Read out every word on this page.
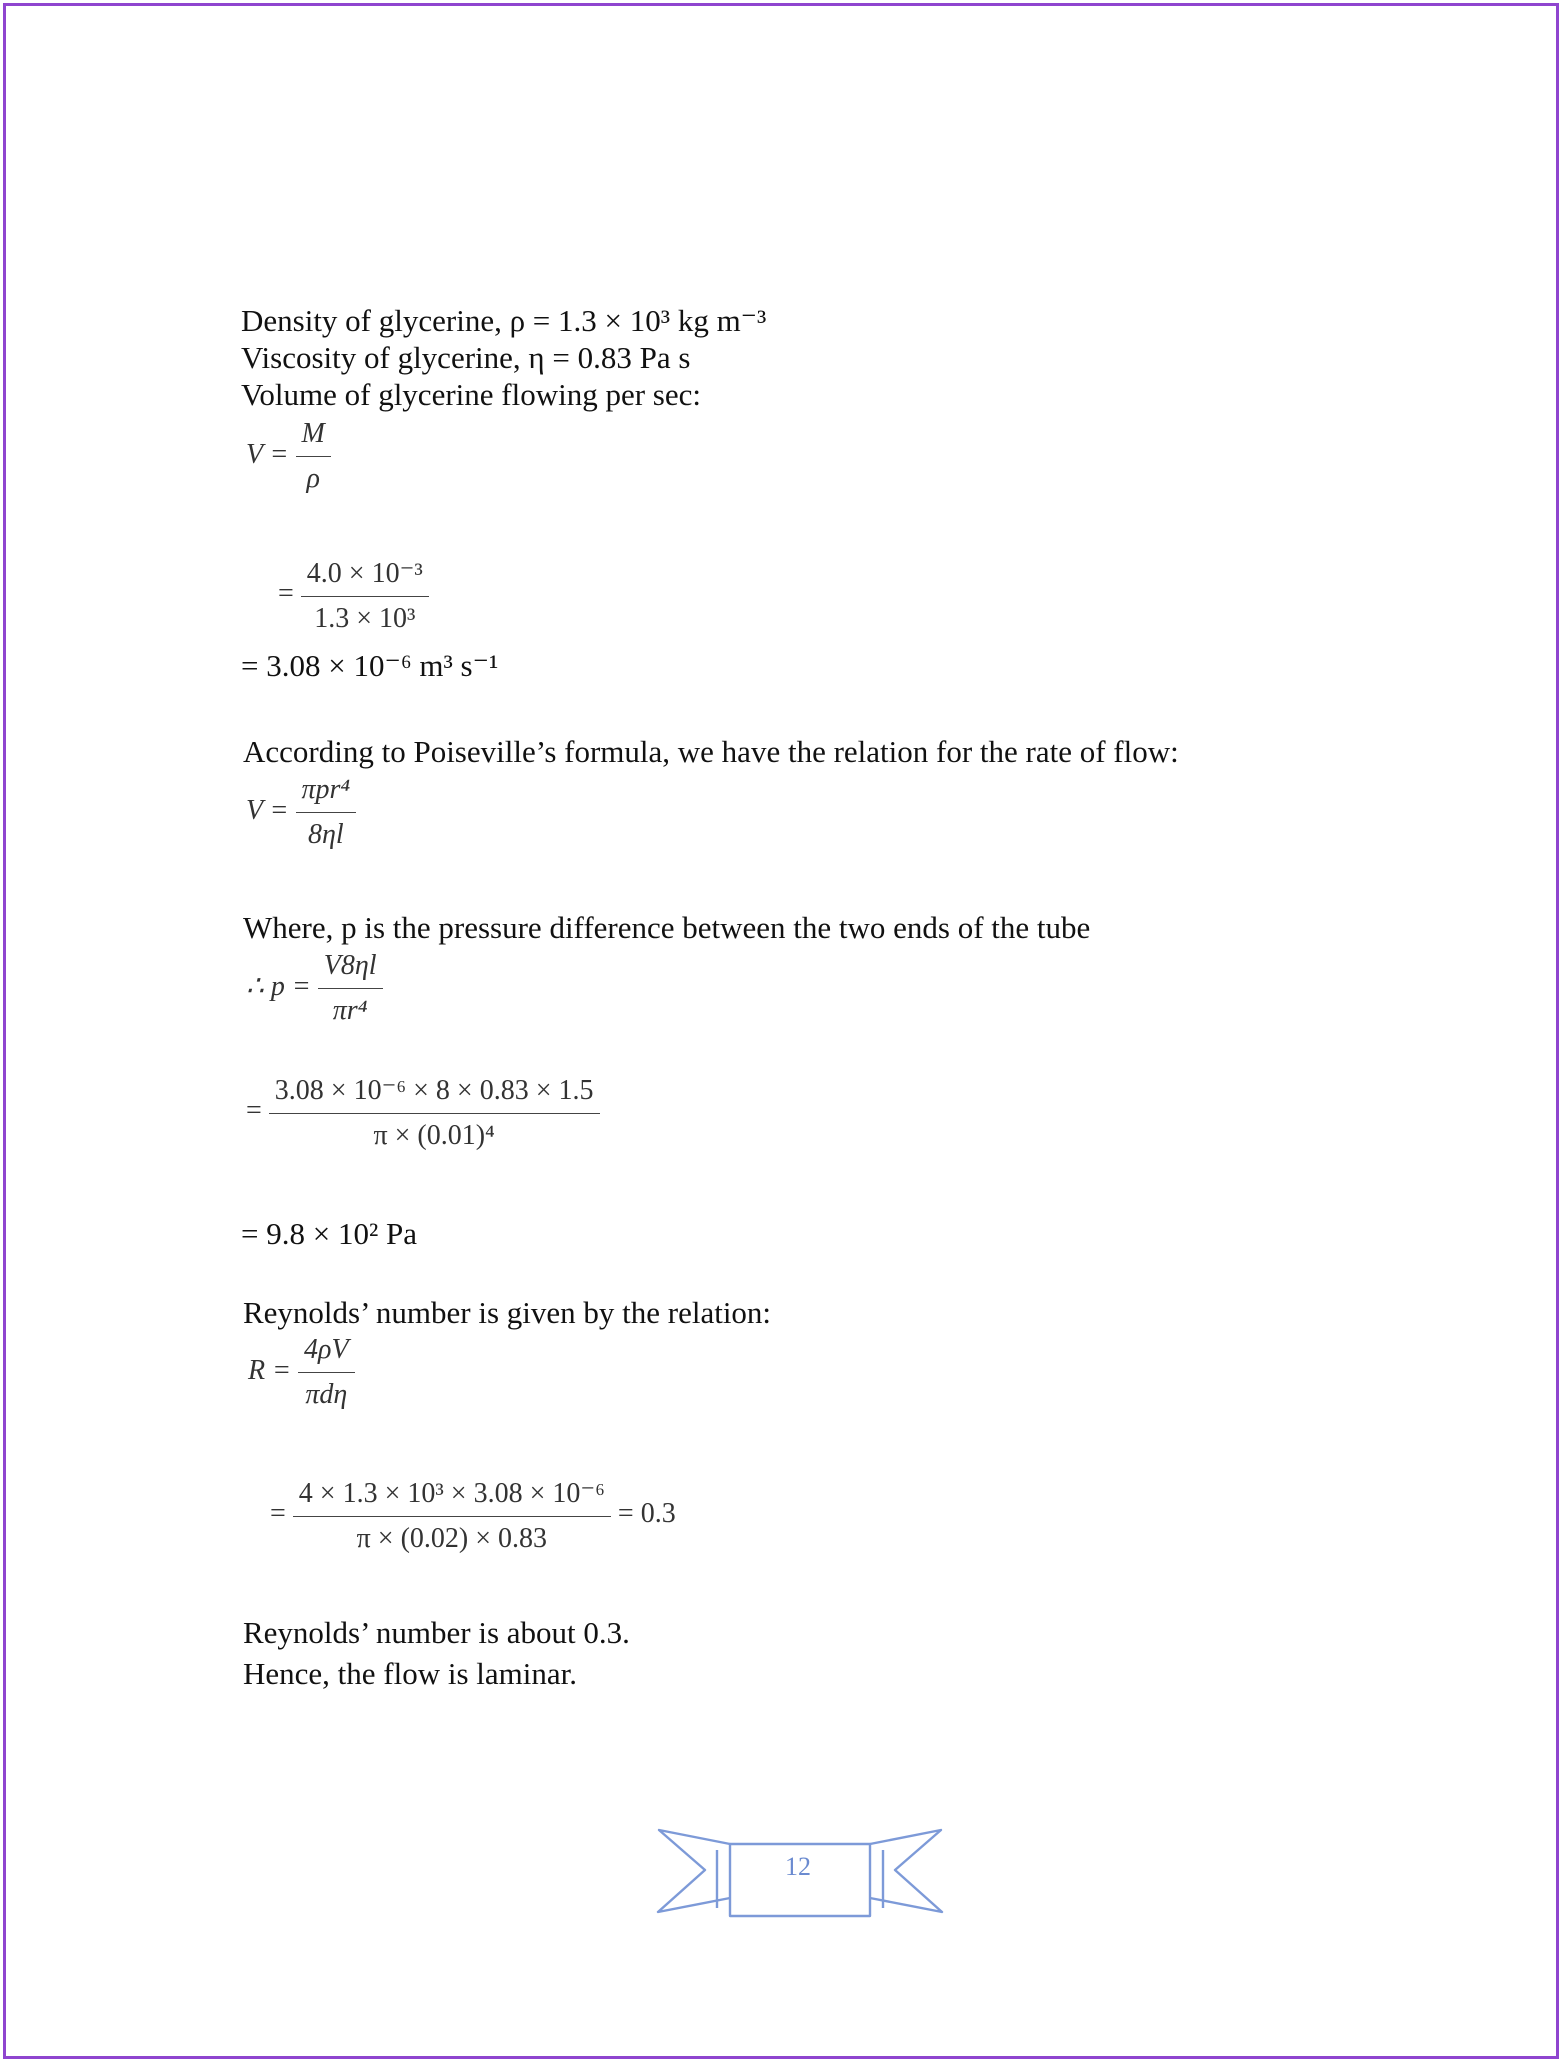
Density of glycerine, ρ = 1.3 × 10³ kg m⁻³
Viscosity of glycerine, η = 0.83 Pa s
Volume of glycerine flowing per sec:
$V = \frac{M}{\rho}$
= $\frac{\text{4.0 × 10⁻³}}{\text{1.3 × 10³}}$
= 3.08 × 10⁻⁶ m³ s⁻¹
According to Poiseville’s formula, we have the relation for the rate of flow:
$V = \frac{\text{πpr⁴}}{8\eta l}$
Where, p is the pressure difference between the two ends of the tube
∴ $p = \frac{V8\eta l}{\text{πr⁴}}$
= $\frac{\text{3.08 × 10⁻⁶ × 8 × 0.83 × 1.5}}{\text{π × (0.01)⁴}}$
= 9.8 × 10² Pa
Reynolds’ number is given by the relation:
$R = \frac{4\rho V}{\text{πdη}}$
= $\frac{\text{4 × 1.3 × 10³ × 3.08 × 10⁻⁶}}{\pi \times (0.02) \times 0.83} = 0.3$
Reynolds’ number is about 0.3.
Hence, the flow is laminar.
12
